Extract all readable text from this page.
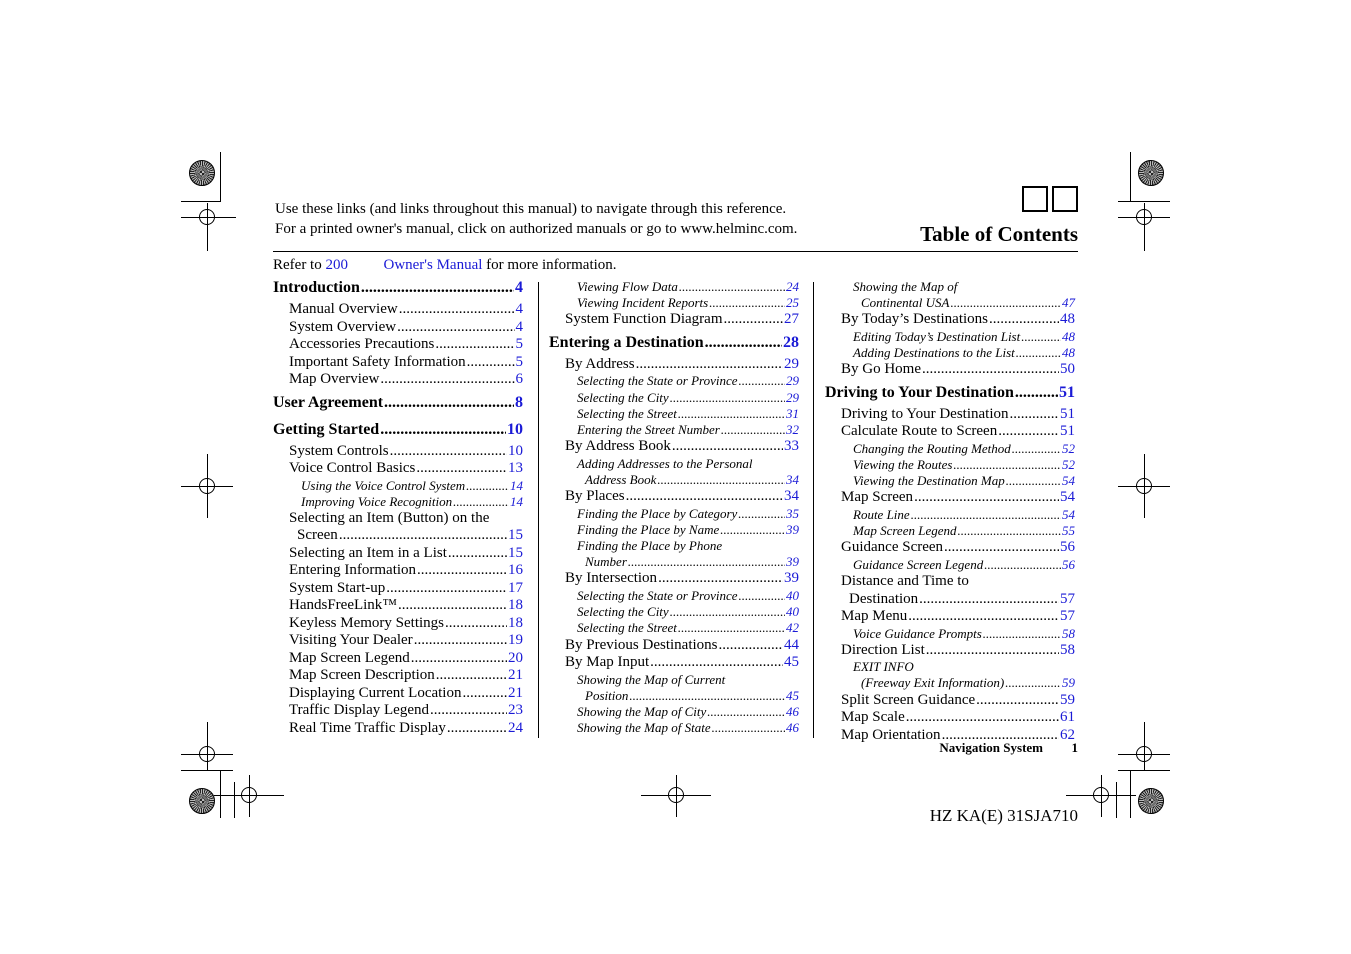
Use these links (and links throughout this manual) to navigate through this reference.
For a printed owner's manual, click on authorized manuals or go to www.helminc.com.	Table of Contents
Refer to 200 Owner's Manual for more information.
Introduction .....	4
Manual Overview .....	4
System Overview .....	4
Accessories Precautions .....	5
Important Safety Information .....	5
Map Overview .....	6
User Agreement .....	8
Getting Started .....	10
System Controls .....	10
Voice Control Basics .....	13
Using the Voice Control System .....	14
Improving Voice Recognition .....	14
Selecting an Item (Button) on the
Screen .....	15
Selecting an Item in a List .....	15
Entering Information .....	16
System Start-up .....	17
HandsFreeLink™ .....	18
Keyless Memory Settings .....	18
Visiting Your Dealer .....	19
Map Screen Legend .....	20
Map Screen Description .....	21
Displaying Current Location .....	21
Traffic Display Legend .....	23
Real Time Traffic Display .....	24
Viewing Flow Data .....	24
Viewing Incident Reports .....	25
System Function Diagram .....	27
Entering a Destination .....	28
By Address .....	29
Selecting the State or Province .....	29
Selecting the City .....	29
Selecting the Street .....	31
Entering the Street Number .....	32
By Address Book .....	33
Adding Addresses to the Personal
Address Book .....	34
By Places .....	34
Finding the Place by Category .....	35
Finding the Place by Name .....	39
Finding the Place by Phone
Number .....	39
By Intersection .....	39
Selecting the State or Province .....	40
Selecting the City .....	40
Selecting the Street .....	42
By Previous Destinations .....	44
By Map Input .....	45
Showing the Map of Current
Position .....	45
Showing the Map of City .....	46
Showing the Map of State .....	46
Showing the Map of
Continental USA .....	47
By Today’s Destinations .....	48
Editing Today’s Destination List .....	48
Adding Destinations to the List .....	48
By Go Home .....	50
Driving to Your Destination .....	51
Driving to Your Destination .....	51
Calculate Route to Screen .....	51
Changing the Routing Method .....	52
Viewing the Routes .....	52
Viewing the Destination Map .....	54
Map Screen .....	54
Route Line .....	54
Map Screen Legend .....	55
Guidance Screen .....	56
Guidance Screen Legend .....	56
Distance and Time to
Destination .....	57
Map Menu .....	57
Voice Guidance Prompts .....	58
Direction List .....	58
EXIT INFO
(Freeway Exit Information) .....	59
Split Screen Guidance .....	59
Map Scale .....	61
Map Orientation .....	62
Navigation System 1
HZ KA(E) 31SJA710
